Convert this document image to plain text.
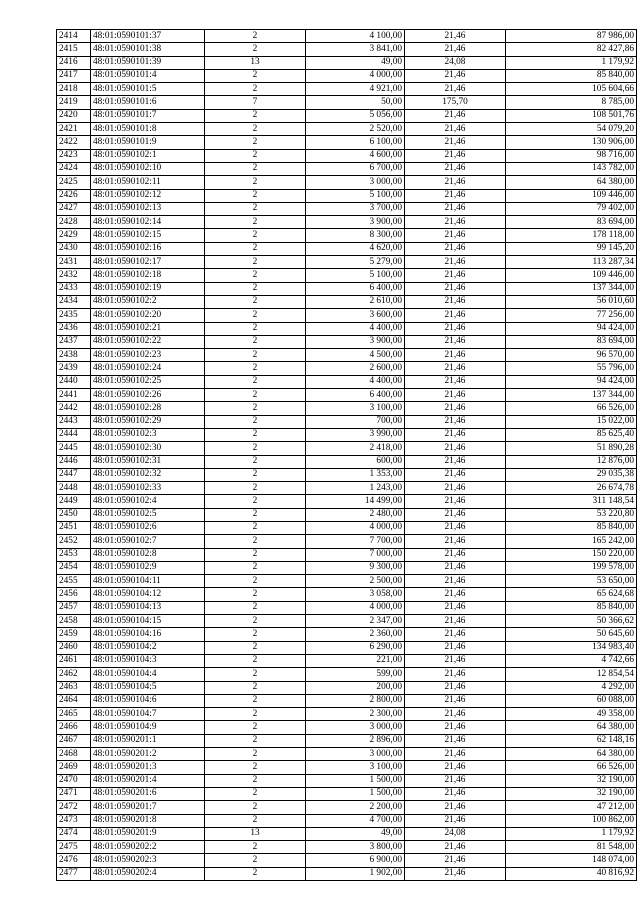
2414	48:01:0590101:37	2	4 100,00	21,46	87 986,00
2415	48:01:0590101:38	2	3 841,00	21,46	82 427,86
2416	48:01:0590101:39	13	49,00	24,08	1 179,92
2417	48:01:0590101:4	2	4 000,00	21,46	85 840,00
2418	48:01:0590101:5	2	4 921,00	21,46	105 604,66
2419	48:01:0590101:6	7	50,00	175,70	8 785,00
2420	48:01:0590101:7	2	5 056,00	21,46	108 501,76
2421	48:01:0590101:8	2	2 520,00	21,46	54 079,20
2422	48:01:0590101:9	2	6 100,00	21,46	130 906,00
2423	48:01:0590102:1	2	4 600,00	21,46	98 716,00
2424	48:01:0590102:10	2	6 700,00	21,46	143 782,00
2425	48:01:0590102:11	2	3 000,00	21,46	64 380,00
2426	48:01:0590102:12	2	5 100,00	21,46	109 446,00
2427	48:01:0590102:13	2	3 700,00	21,46	79 402,00
2428	48:01:0590102:14	2	3 900,00	21,46	83 694,00
2429	48:01:0590102:15	2	8 300,00	21,46	178 118,00
2430	48:01:0590102:16	2	4 620,00	21,46	99 145,20
2431	48:01:0590102:17	2	5 279,00	21,46	113 287,34
2432	48:01:0590102:18	2	5 100,00	21,46	109 446,00
2433	48:01:0590102:19	2	6 400,00	21,46	137 344,00
2434	48:01:0590102:2	2	2 610,00	21,46	56 010,60
2435	48:01:0590102:20	2	3 600,00	21,46	77 256,00
2436	48:01:0590102:21	2	4 400,00	21,46	94 424,00
2437	48:01:0590102:22	2	3 900,00	21,46	83 694,00
2438	48:01:0590102:23	2	4 500,00	21,46	96 570,00
2439	48:01:0590102:24	2	2 600,00	21,46	55 796,00
2440	48:01:0590102:25	2	4 400,00	21,46	94 424,00
2441	48:01:0590102:26	2	6 400,00	21,46	137 344,00
2442	48:01:0590102:28	2	3 100,00	21,46	66 526,00
2443	48:01:0590102:29	2	700,00	21,46	15 022,00
2444	48:01:0590102:3	2	3 990,00	21,46	85 625,40
2445	48:01:0590102:30	2	2 418,00	21,46	51 890,28
2446	48:01:0590102:31	2	600,00	21,46	12 876,00
2447	48:01:0590102:32	2	1 353,00	21,46	29 035,38
2448	48:01:0590102:33	2	1 243,00	21,46	26 674,78
2449	48:01:0590102:4	2	14 499,00	21,46	311 148,54
2450	48:01:0590102:5	2	2 480,00	21,46	53 220,80
2451	48:01:0590102:6	2	4 000,00	21,46	85 840,00
2452	48:01:0590102:7	2	7 700,00	21,46	165 242,00
2453	48:01:0590102:8	2	7 000,00	21,46	150 220,00
2454	48:01:0590102:9	2	9 300,00	21,46	199 578,00
2455	48:01:0590104:11	2	2 500,00	21,46	53 650,00
2456	48:01:0590104:12	2	3 058,00	21,46	65 624,68
2457	48:01:0590104:13	2	4 000,00	21,46	85 840,00
2458	48:01:0590104:15	2	2 347,00	21,46	50 366,62
2459	48:01:0590104:16	2	2 360,00	21,46	50 645,60
2460	48:01:0590104:2	2	6 290,00	21,46	134 983,40
2461	48:01:0590104:3	2	221,00	21,46	4 742,66
2462	48:01:0590104:4	2	599,00	21,46	12 854,54
2463	48:01:0590104:5	2	200,00	21,46	4 292,00
2464	48:01:0590104:6	2	2 800,00	21,46	60 088,00
2465	48:01:0590104:7	2	2 300,00	21,46	49 358,00
2466	48:01:0590104:9	2	3 000,00	21,46	64 380,00
2467	48:01:0590201:1	2	2 896,00	21,46	62 148,16
2468	48:01:0590201:2	2	3 000,00	21,46	64 380,00
2469	48:01:0590201:3	2	3 100,00	21,46	66 526,00
2470	48:01:0590201:4	2	1 500,00	21,46	32 190,00
2471	48:01:0590201:6	2	1 500,00	21,46	32 190,00
2472	48:01:0590201:7	2	2 200,00	21,46	47 212,00
2473	48:01:0590201:8	2	4 700,00	21,46	100 862,00
2474	48:01:0590201:9	13	49,00	24,08	1 179,92
2475	48:01:0590202:2	2	3 800,00	21,46	81 548,00
2476	48:01:0590202:3	2	6 900,00	21,46	148 074,00
2477	48:01:0590202:4	2	1 902,00	21,46	40 816,92
